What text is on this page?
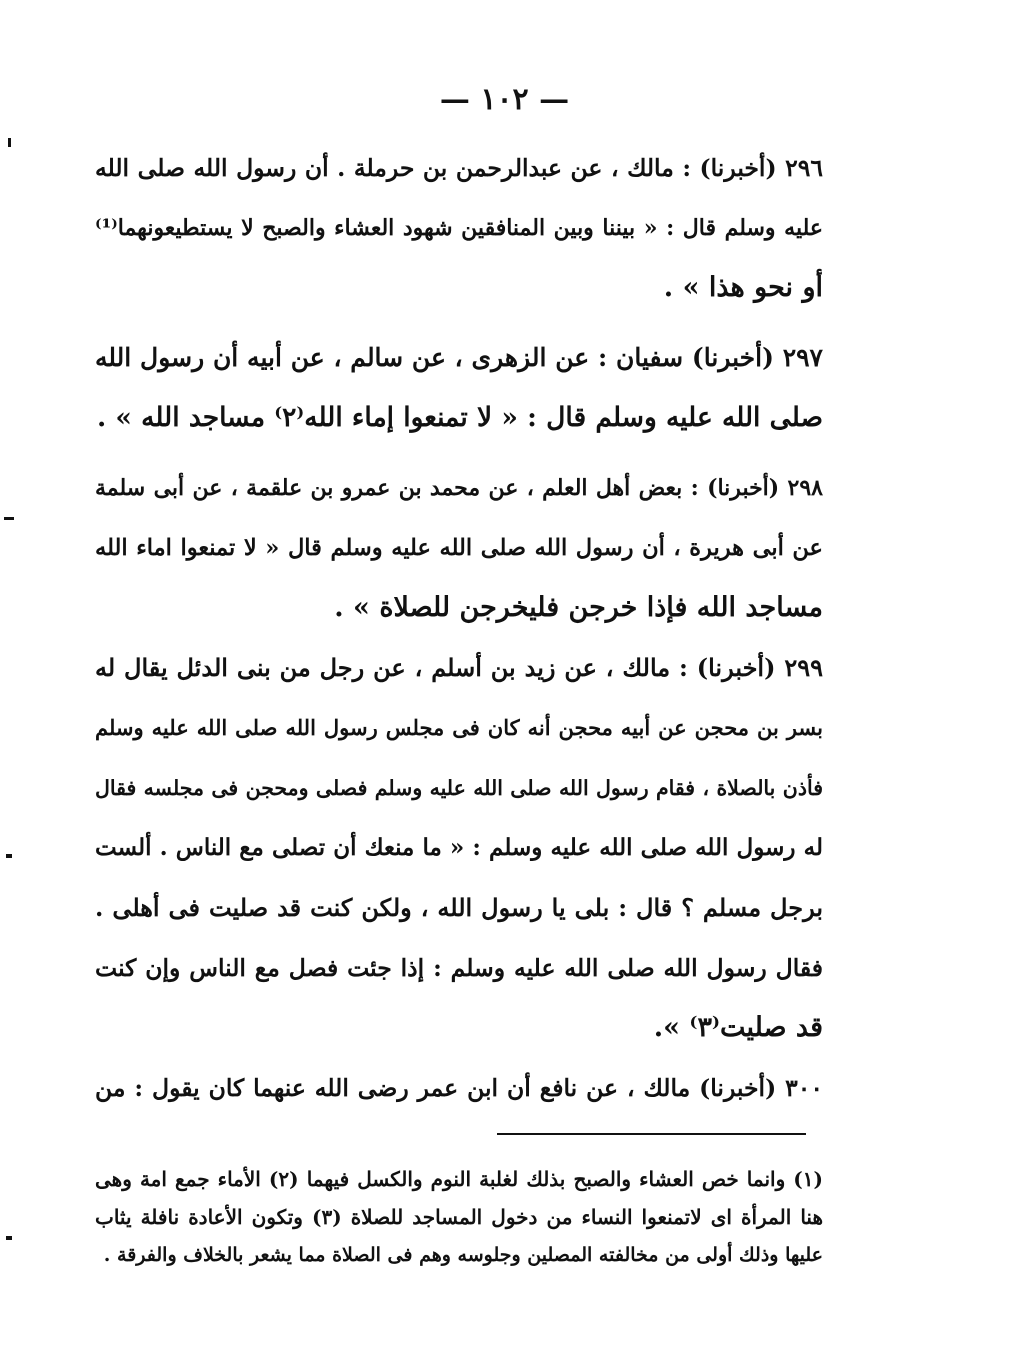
— ١٠٢ —
٢٩٦ (أخبرنا) : مالك ، عن عبدالرحمن بن حرملة . أن رسول الله صلى الله
عليه وسلم قال : « بيننا وبين المنافقين شهود العشاء والصبح لا يستطيعونهما⁽¹⁾
أو نحو هذا » .
٢٩٧ (أخبرنا) سفيان : عن الزهرى ، عن سالم ، عن أبيه أن رسول الله
صلى الله عليه وسلم قال : « لا تمنعوا إماء الله⁽٢⁾ مساجد الله » .
٢٩٨ (أخبرنا) : بعض أهل العلم ، عن محمد بن عمرو بن علقمة ، عن أبى سلمة
عن أبى هريرة ، أن رسول الله صلى الله عليه وسلم قال « لا تمنعوا اماء الله
مساجد الله فإذا خرجن فليخرجن للصلاة » .
٢٩٩ (أخبرنا) : مالك ، عن زيد بن أسلم ، عن رجل من بنى الدئل يقال له
بسر بن محجن عن أبيه محجن أنه كان فى مجلس رسول الله صلى الله عليه وسلم
فأذن بالصلاة ، فقام رسول الله صلى الله عليه وسلم فصلى ومحجن فى مجلسه فقال
له رسول الله صلى الله عليه وسلم : « ما منعك أن تصلى مع الناس . ألست
برجل مسلم ؟ قال : بلى يا رسول الله ، ولكن كنت قد صليت فى أهلى .
فقال رسول الله صلى الله عليه وسلم : إذا جئت فصل مع الناس وإن كنت
قد صليت⁽٣⁾ ».
٣٠٠ (أخبرنا) مالك ، عن نافع أن ابن عمر رضى الله عنهما كان يقول : من
(١) وانما خص العشاء والصبح بذلك لغلبة النوم والكسل فيهما (٢) الأماء جمع امة وهى
هنا المرأة اى لاتمنعوا النساء من دخول المساجد للصلاة (٣) وتكون الأعادة نافلة يثاب
عليها وذلك أولى من مخالفته المصلين وجلوسه وهم فى الصلاة مما يشعر بالخلاف والفرقة .
